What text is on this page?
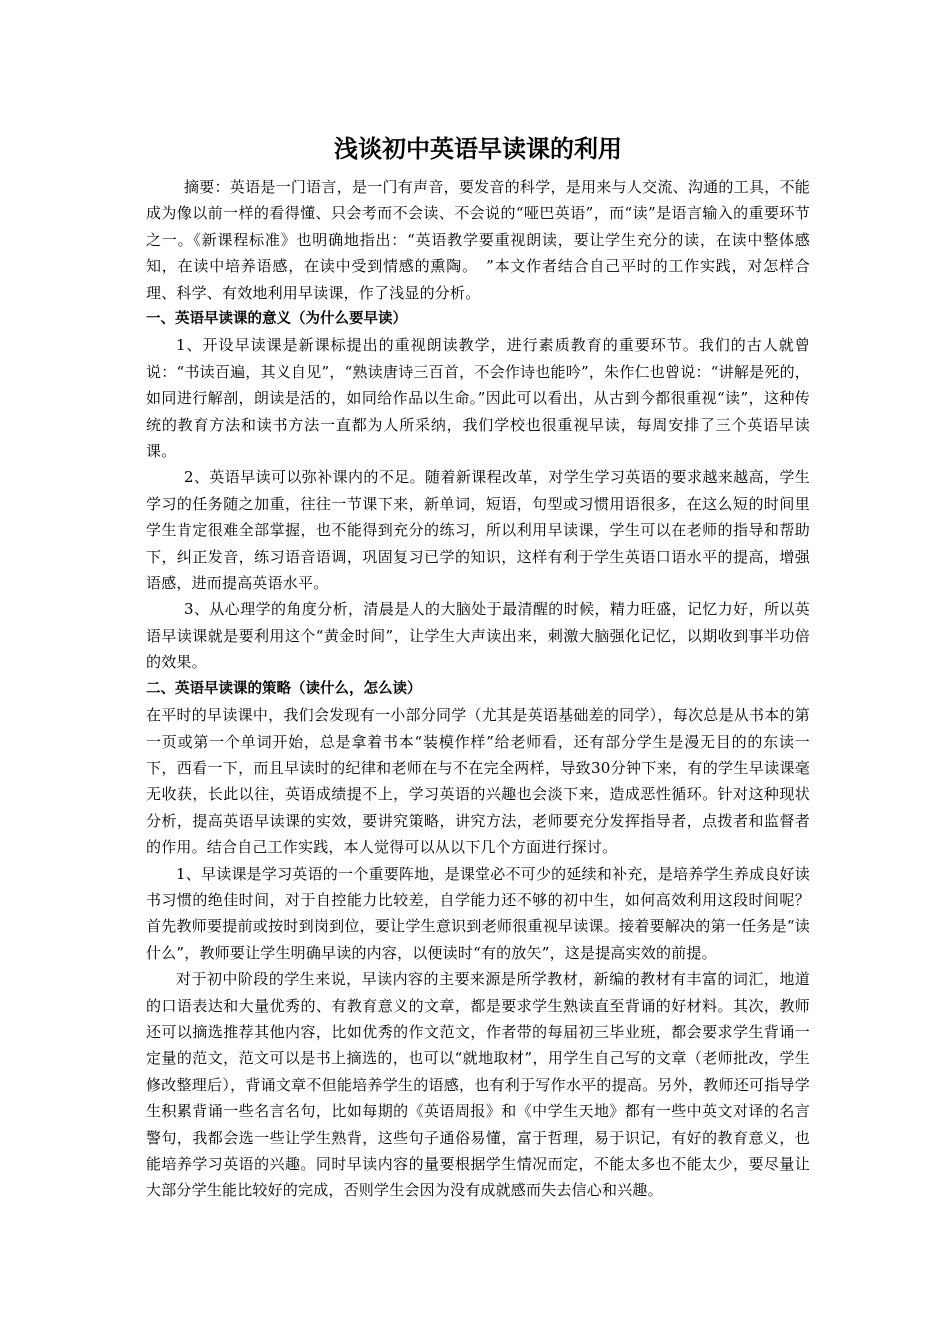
浅谈初中英语早读课的利用

摘要：英语是一门语言，是一门有声音，要发音的科学，是用来与人交流、沟通的工具，不能成为像以前一样的看得懂、只会考而不会读、不会说的“哑巴英语”，而“读”是语言输入的重要环节之一。《新课程标准》也明确地指出：“英语教学要重视朗读，要让学生充分的读，在读中整体感知，在读中培养语感，在读中受到情感的熏陶。　”本文作者结合自己平时的工作实践，对怎样合理、科学、有效地利用早读课，作了浅显的分析。

一、英语早读课的意义（为什么要早读）

1、开设早读课是新课标提出的重视朗读教学，进行素质教育的重要环节。我们的古人就曾说：“书读百遍，其义自见”，“熟读唐诗三百首，不会作诗也能吟”，朱作仁也曾说：“讲解是死的，如同进行解剖，朗读是活的，如同给作品以生命。”因此可以看出，从古到今都很重视“读”，这种传统的教育方法和读书方法一直都为人所采纳，我们学校也很重视早读，每周安排了三个英语早读课。

2、英语早读可以弥补课内的不足。随着新课程改革，对学生学习英语的要求越来越高，学生学习的任务随之加重，往往一节课下来，新单词，短语，句型或习惯用语很多，在这么短的时间里学生肯定很难全部掌握，也不能得到充分的练习，所以利用早读课，学生可以在老师的指导和帮助下，纠正发音，练习语音语调，巩固复习已学的知识，这样有利于学生英语口语水平的提高，增强语感，进而提高英语水平。

3、从心理学的角度分析，清晨是人的大脑处于最清醒的时候，精力旺盛，记忆力好，所以英语早读课就是要利用这个“黄金时间”，让学生大声读出来，刺激大脑强化记忆，以期收到事半功倍的效果。

二、英语早读课的策略（读什么，怎么读）

在平时的早读课中，我们会发现有一小部分同学（尤其是英语基础差的同学），每次总是从书本的第一页或第一个单词开始，总是拿着书本“装模作样”给老师看，还有部分学生是漫无目的的东读一下，西看一下，而且早读时的纪律和老师在与不在完全两样，导致30分钟下来，有的学生早读课毫无收获，长此以往，英语成绩提不上，学习英语的兴趣也会淡下来，造成恶性循环。针对这种现状分析，提高英语早读课的实效，要讲究策略，讲究方法，老师要充分发挥指导者，点拨者和监督者的作用。结合自己工作实践，本人觉得可以从以下几个方面进行探讨。

1、早读课是学习英语的一个重要阵地，是课堂必不可少的延续和补充，是培养学生养成良好读书习惯的绝佳时间，对于自控能力比较差，自学能力还不够的初中生，如何高效利用这段时间呢？首先教师要提前或按时到岗到位，要让学生意识到老师很重视早读课。接着要解决的第一任务是“读什么”，教师要让学生明确早读的内容，以便读时“有的放矢”，这是提高实效的前提。

对于初中阶段的学生来说，早读内容的主要来源是所学教材，新编的教材有丰富的词汇，地道的口语表达和大量优秀的、有教育意义的文章，都是要求学生熟读直至背诵的好材料。其次，教师还可以摘选推荐其他内容，比如优秀的作文范文，作者带的每届初三毕业班，都会要求学生背诵一定量的范文，范文可以是书上摘选的，也可以“就地取材”，用学生自己写的文章（老师批改，学生修改整理后），背诵文章不但能培养学生的语感，也有利于写作水平的提高。另外，教师还可指导学生积累背诵一些名言名句，比如每期的《英语周报》和《中学生天地》都有一些中英文对译的名言警句，我都会选一些让学生熟背，这些句子通俗易懂，富于哲理，易于识记，有好的教育意义，也能培养学习英语的兴趣。同时早读内容的量要根据学生情况而定，不能太多也不能太少，要尽量让大部分学生能比较好的完成，否则学生会因为没有成就感而失去信心和兴趣。
